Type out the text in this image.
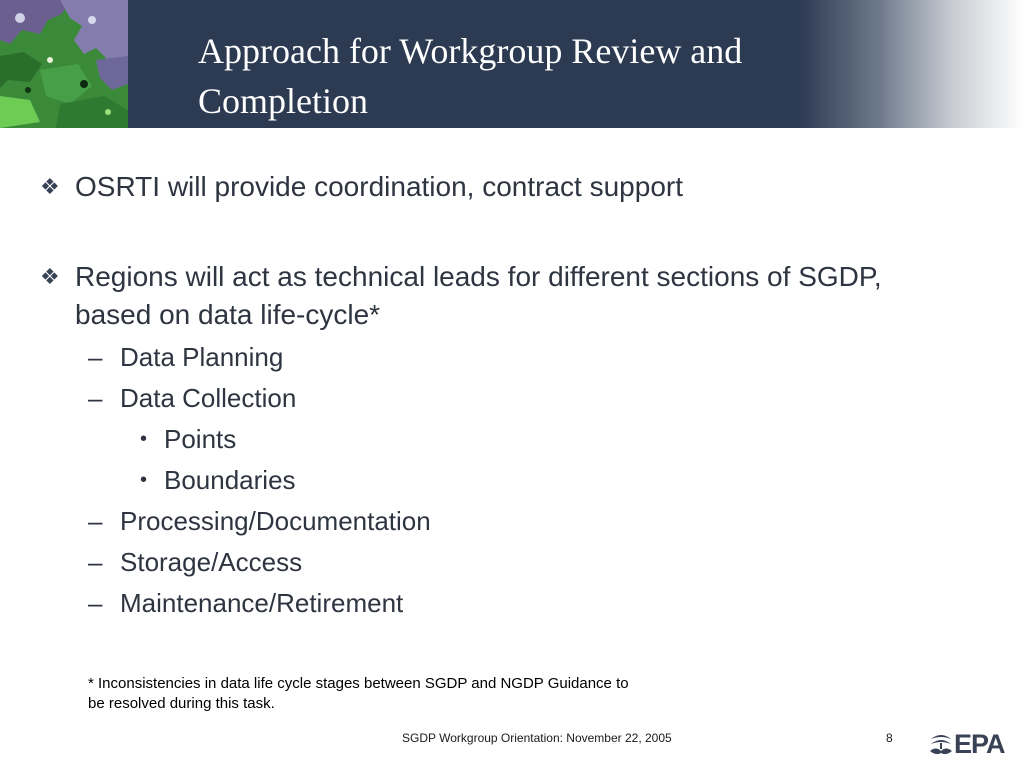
Approach for Workgroup Review and Completion
❖ OSRTI will provide coordination, contract support
❖ Regions will act as technical leads for different sections of SGDP, based on data life-cycle*
– Data Planning
– Data Collection
• Points
• Boundaries
– Processing/Documentation
– Storage/Access
– Maintenance/Retirement
* Inconsistencies in data life cycle stages between SGDP and NGDP Guidance to be resolved during this task.
SGDP Workgroup Orientation: November 22, 2005	8 EPA
